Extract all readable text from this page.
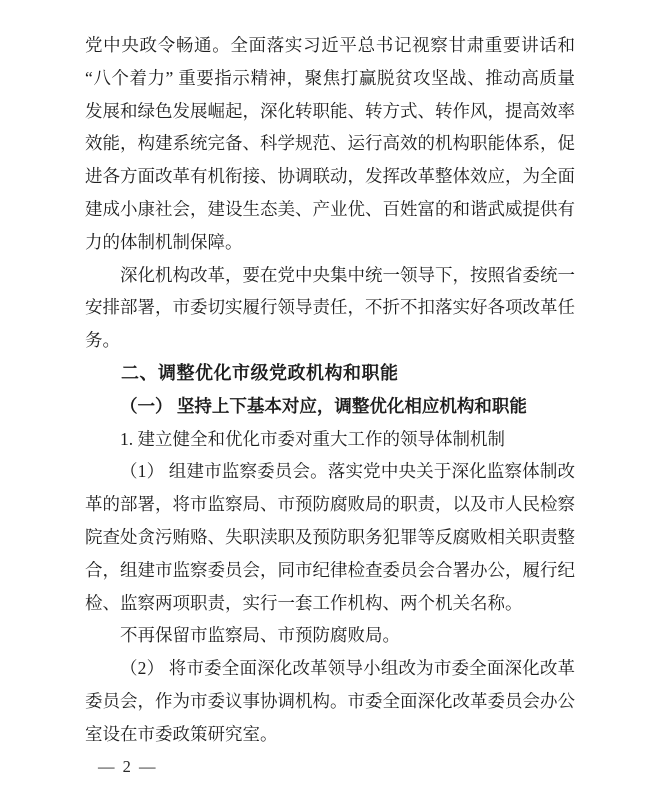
党中央政令畅通。全面落实习近平总书记视察甘肃重要讲话和“八个着力” 重要指示精神，聚焦打赢脱贫攻坚战、推动高质量发展和绿色发展崛起，深化转职能、转方式、转作风，提高效率效能，构建系统完备、科学规范、运行高效的机构职能体系，促进各方面改革有机衔接、协调联动，发挥改革整体效应，为全面建成小康社会，建设生态美、产业优、百姓富的和谐武威提供有力的体制机制保障。

深化机构改革，要在党中央集中统一领导下，按照省委统一安排部署，市委切实履行领导责任，不折不扣落实好各项改革任务。

二、调整优化市级党政机构和职能

（一） 坚持上下基本对应，调整优化相应机构和职能

1. 建立健全和优化市委对重大工作的领导体制机制

（1） 组建市监察委员会。落实党中央关于深化监察体制改革的部署，将市监察局、市预防腐败局的职责，以及市人民检察院查处贪污贿赂、失职渎职及预防职务犯罪等反腐败相关职责整合，组建市监察委员会，同市纪律检查委员会合署办公，履行纪检、监察两项职责，实行一套工作机构、两个机关名称。

不再保留市监察局、市预防腐败局。

（2） 将市委全面深化改革领导小组改为市委全面深化改革委员会，作为市委议事协调机构。市委全面深化改革委员会办公室设在市委政策研究室。

— 2 —
